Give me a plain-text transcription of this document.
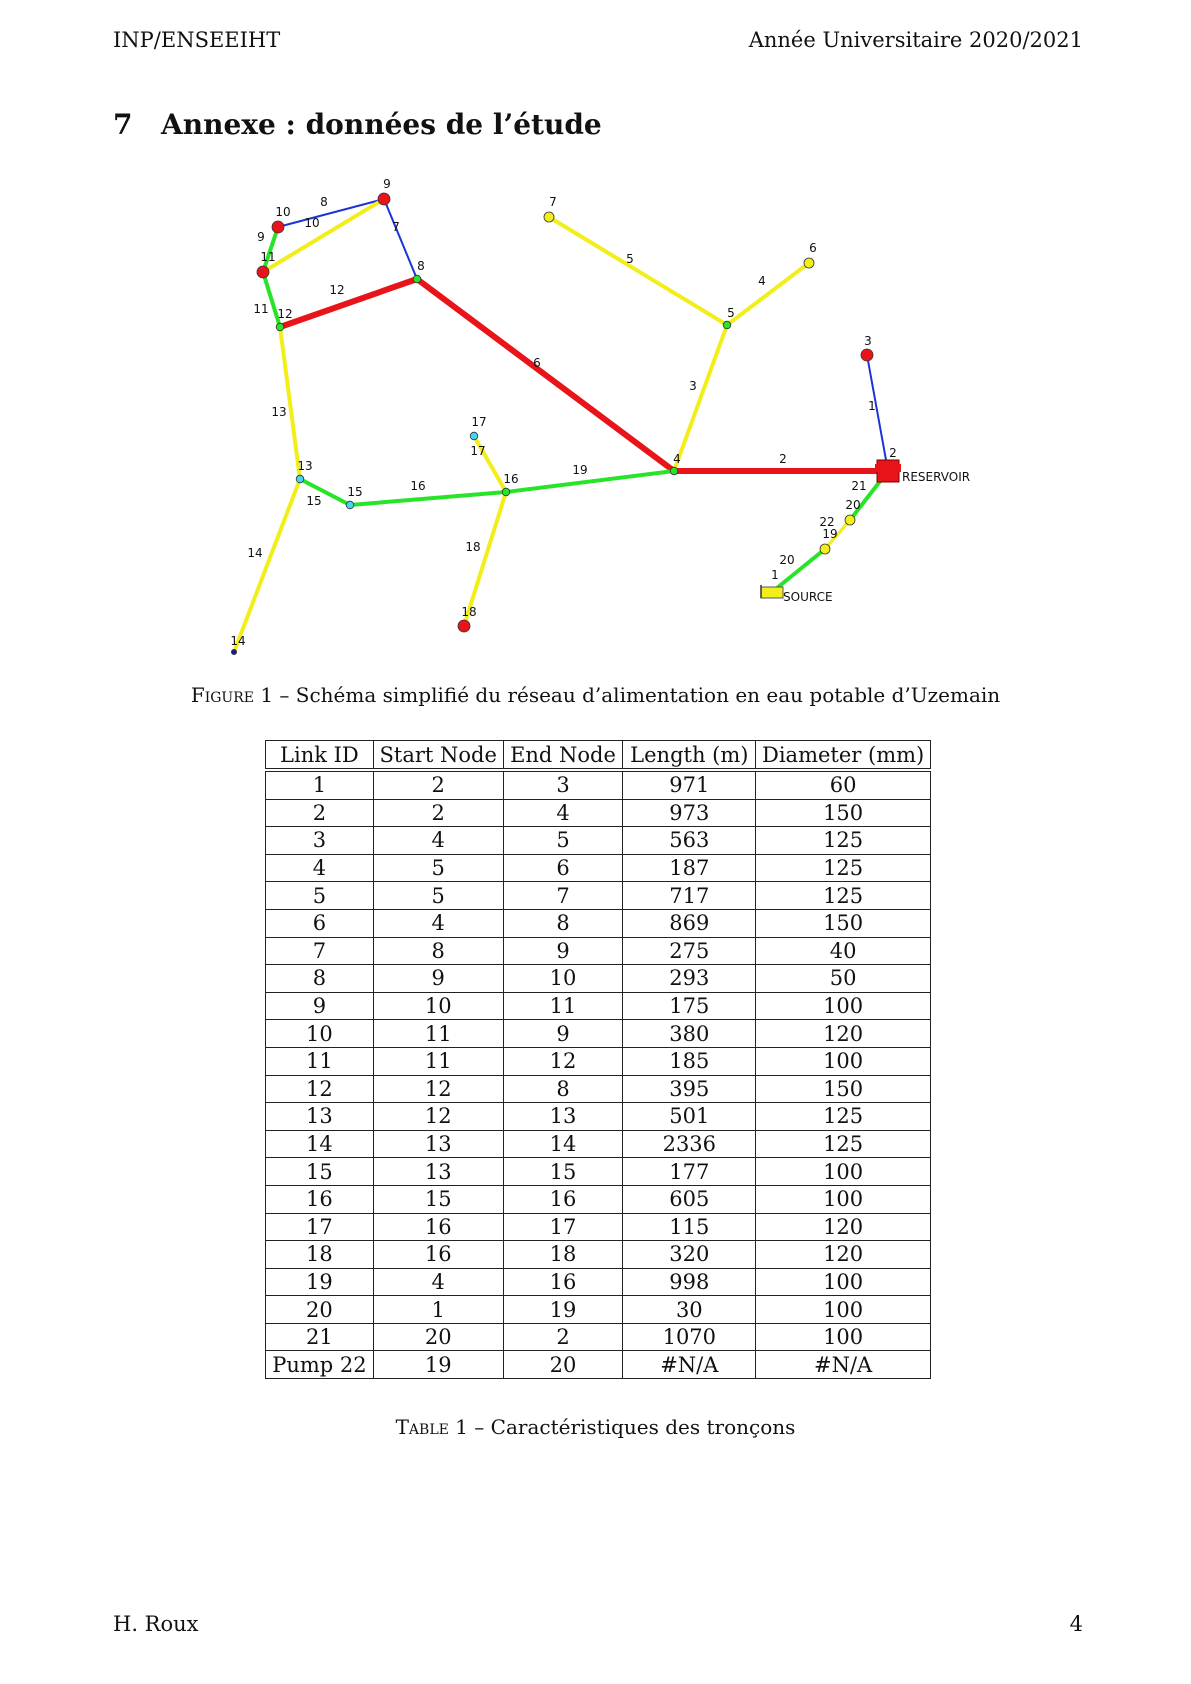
INP/ENSEEIHT	Année Universitaire 2020/2021
7 Annexe : données de l’étude
1
2
3
4
5
6
7
8
9
10
11
12
13
14
15
16
17
18
19
20
21
22
3
4
5
6
7
8
9
10
11
12
13
14
15
16
17
18
19
20
2
1
RESERVOIR
SOURCE
Figure 1 – Schéma simplifié du réseau d’alimentation en eau potable d’Uzemain
Link ID	Start Node	End Node	Length (m)	Diameter (mm)
1	2	3	971	60
2	2	4	973	150
3	4	5	563	125
4	5	6	187	125
5	5	7	717	125
6	4	8	869	150
7	8	9	275	40
8	9	10	293	50
9	10	11	175	100
10	11	9	380	120
11	11	12	185	100
12	12	8	395	150
13	12	13	501	125
14	13	14	2336	125
15	13	15	177	100
16	15	16	605	100
17	16	17	115	120
18	16	18	320	120
19	4	16	998	100
20	1	19	30	100
21	20	2	1070	100
Pump 22	19	20	#N/A	#N/A
Table 1 – Caractéristiques des tronçons
H. Roux	4
